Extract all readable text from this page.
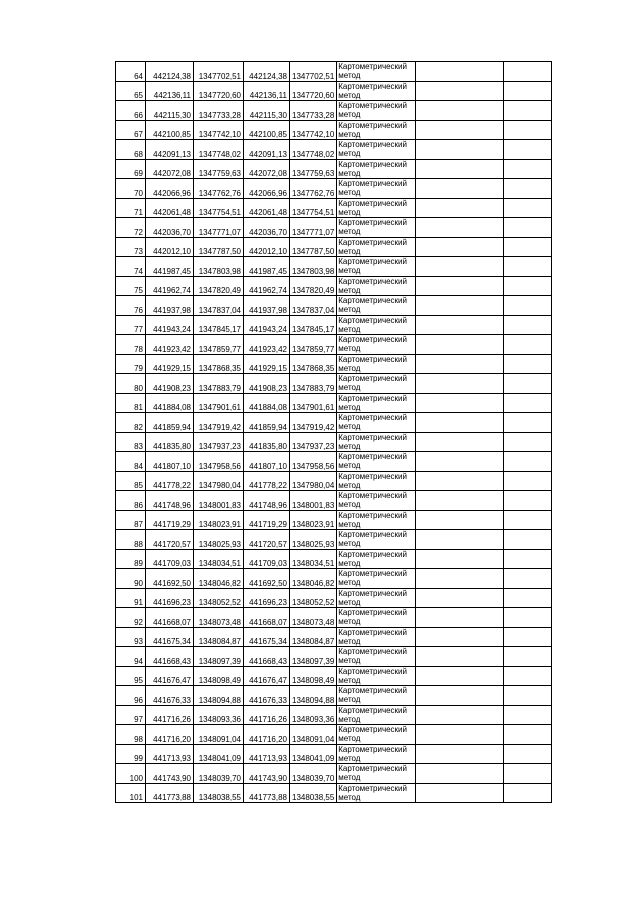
64	442124,38	1347702,51	442124,38	1347702,51	Картометрический
метод		

65	442136,11	1347720,60	442136,11	1347720,60	Картометрический
метод		

66	442115,30	1347733,28	442115,30	1347733,28	Картометрический
метод		

67	442100,85	1347742,10	442100,85	1347742,10	Картометрический
метод		

68	442091,13	1347748,02	442091,13	1347748,02	Картометрический
метод		

69	442072,08	1347759,63	442072,08	1347759,63	Картометрический
метод		

70	442066,96	1347762,76	442066,96	1347762,76	Картометрический
метод		

71	442061,48	1347754,51	442061,48	1347754,51	Картометрический
метод		

72	442036,70	1347771,07	442036,70	1347771,07	Картометрический
метод		

73	442012,10	1347787,50	442012,10	1347787,50	Картометрический
метод		

74	441987,45	1347803,98	441987,45	1347803,98	Картометрический
метод		

75	441962,74	1347820,49	441962,74	1347820,49	Картометрический
метод		

76	441937,98	1347837,04	441937,98	1347837,04	Картометрический
метод		

77	441943,24	1347845,17	441943,24	1347845,17	Картометрический
метод		

78	441923,42	1347859,77	441923,42	1347859,77	Картометрический
метод		

79	441929,15	1347868,35	441929,15	1347868,35	Картометрический
метод		

80	441908,23	1347883,79	441908,23	1347883,79	Картометрический
метод		

81	441884,08	1347901,61	441884,08	1347901,61	Картометрический
метод		

82	441859,94	1347919,42	441859,94	1347919,42	Картометрический
метод		

83	441835,80	1347937,23	441835,80	1347937,23	Картометрический
метод		

84	441807,10	1347958,56	441807,10	1347958,56	Картометрический
метод		

85	441778,22	1347980,04	441778,22	1347980,04	Картометрический
метод		

86	441748,96	1348001,83	441748,96	1348001,83	Картометрический
метод		

87	441719,29	1348023,91	441719,29	1348023,91	Картометрический
метод		

88	441720,57	1348025,93	441720,57	1348025,93	Картометрический
метод		

89	441709,03	1348034,51	441709,03	1348034,51	Картометрический
метод		

90	441692,50	1348046,82	441692,50	1348046,82	Картометрический
метод		

91	441696,23	1348052,52	441696,23	1348052,52	Картометрический
метод		

92	441668,07	1348073,48	441668,07	1348073,48	Картометрический
метод		

93	441675,34	1348084,87	441675,34	1348084,87	Картометрический
метод		

94	441668,43	1348097,39	441668,43	1348097,39	Картометрический
метод		

95	441676,47	1348098,49	441676,47	1348098,49	Картометрический
метод		

96	441676,33	1348094,88	441676,33	1348094,88	Картометрический
метод		

97	441716,26	1348093,36	441716,26	1348093,36	Картометрический
метод		

98	441716,20	1348091,04	441716,20	1348091,04	Картометрический
метод		

99	441713,93	1348041,09	441713,93	1348041,09	Картометрический
метод		

100	441743,90	1348039,70	441743,90	1348039,70	Картометрический
метод		

101	441773,88	1348038,55	441773,88	1348038,55	Картометрический
метод		
